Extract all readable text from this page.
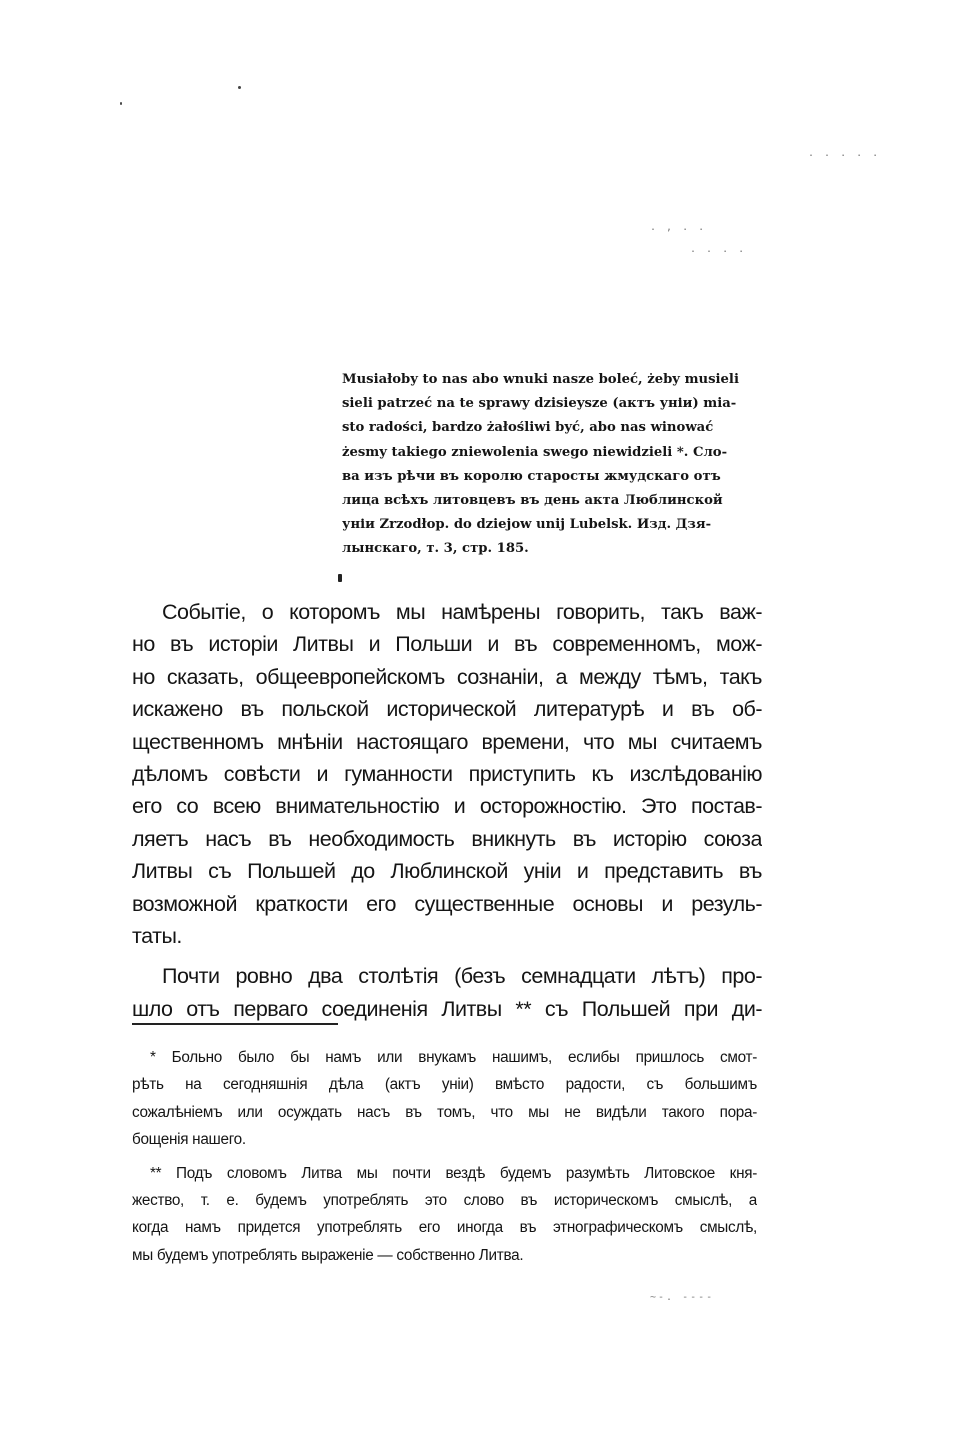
. . . . .
. , . .
. . . .
~-. ----
Musiałoby to nas abo wnuki nasze boleć, żeby musieli
sieli patrzeć na te sprawy dzisieysze (актъ уніи) mia-
sto radości, bardzo żałośliwi być, abo nas winować
żesmy takiego zniewolenia swego niewidzieli *. Сло-
ва изъ рѣчи въ королю старосты жмудскаго отъ
лица всѣхъ литовцевъ въ день акта Люблинской
уніи Zrzodłop. do dziejow unij Lubelsk. Изд. Дзя-
лынскаго, т. 3, стр. 185.
Событіе, о которомъ мы намѣрены говорить, такъ важ-
но въ исторіи Литвы и Польши и въ современномъ, мож-
но сказать, общеевропейскомъ сознаніи, а между тѣмъ, такъ
искажено въ польской исторической литературѣ и въ об-
щественномъ мнѣніи настоящаго времени, что мы считаемъ
дѣломъ совѣсти и гуманности приступить къ изслѣдованію
его со всею внимательностію и осторожностію. Это постав-
ляетъ насъ въ необходимость вникнуть въ исторію союза
Литвы съ Польшей до Люблинской уніи и представить въ
возможной краткости его существенные основы и резуль-
таты.
Почти ровно два столѣтія (безъ семнадцати лѣтъ) про-
шло отъ перваго соединенія Литвы ** съ Польшей при ди-
* Больно было бы намъ или внукамъ нашимъ, еслибы пришлось смот-
рѣть на сегодняшнія дѣла (актъ уніи) вмѣсто радости, съ большимъ
сожалѣніемъ или осуждать насъ въ томъ, что мы не видѣли такого пора-
бощенія нашего.
** Подъ словомъ Литва мы почти вездѣ будемъ разумѣть Литовское кня-
жество, т. е. будемъ употреблять это слово въ историческомъ смыслѣ, а
когда намъ придется употреблять его иногда въ этнографическомъ смыслѣ,
мы будемъ употреблять выраженіе — собственно Литва.
